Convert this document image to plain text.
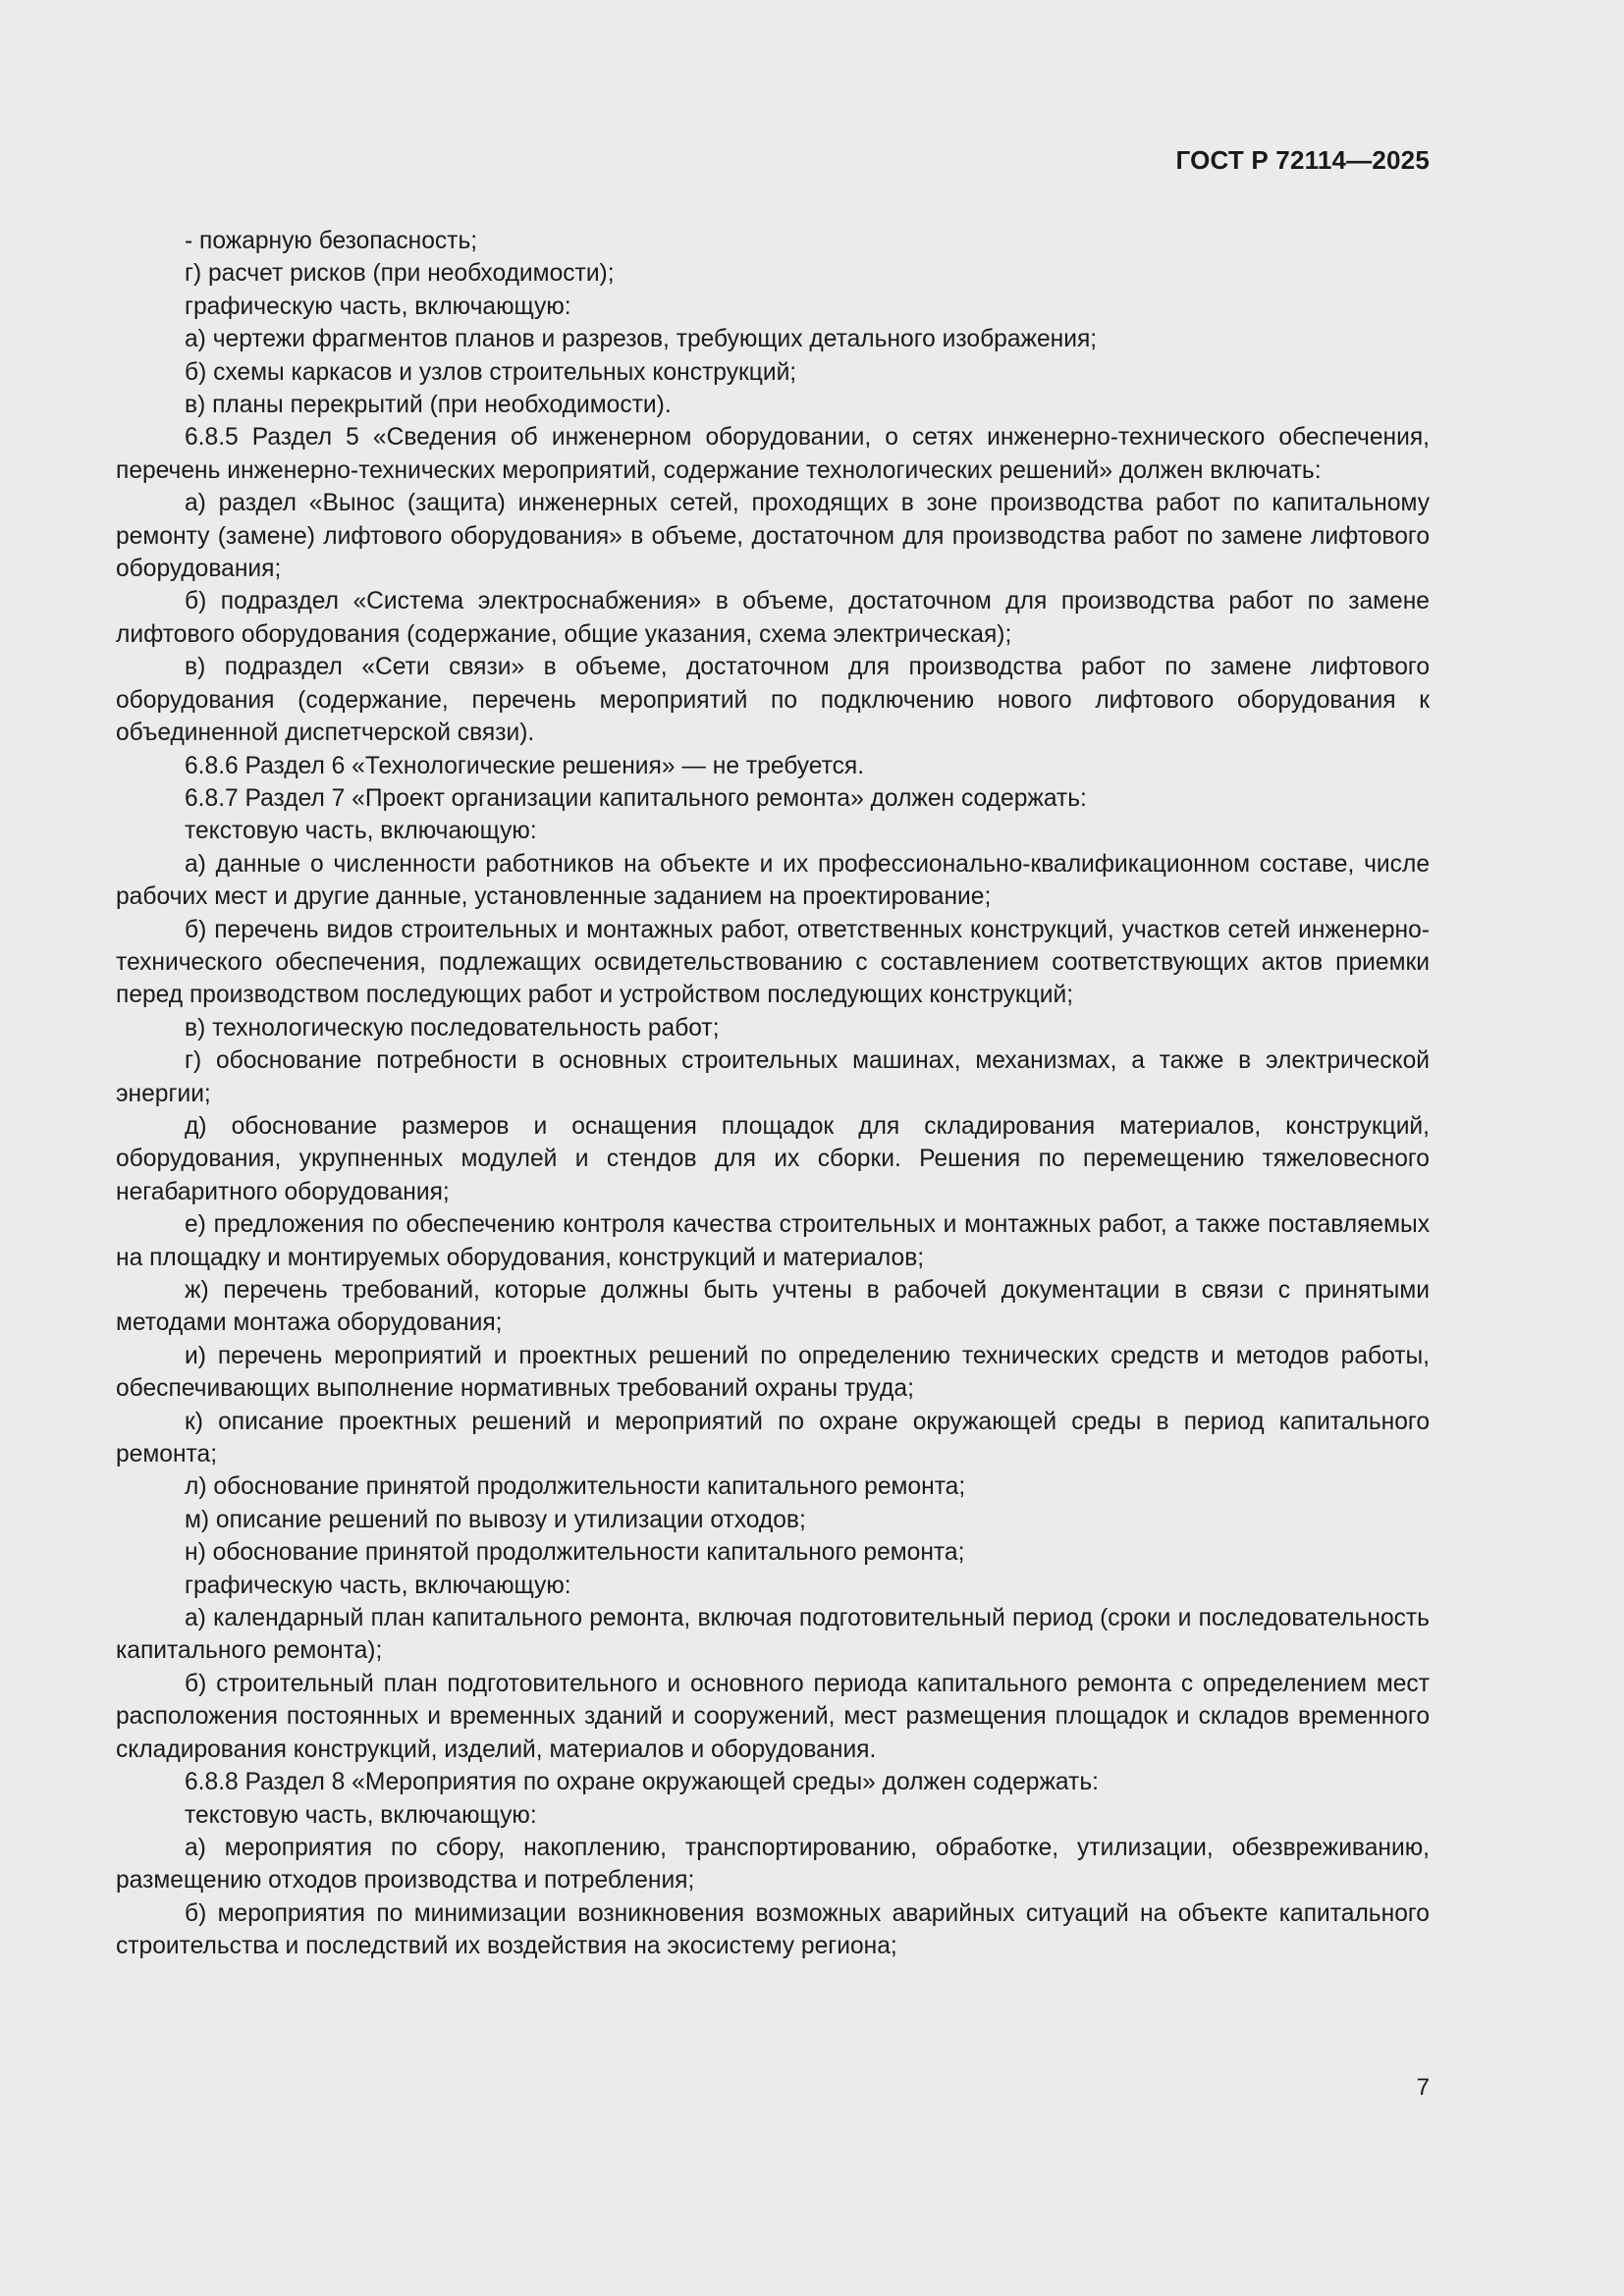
ГОСТ Р 72114—2025

- пожарную безопасность;

г) расчет рисков (при необходимости);

графическую часть, включающую:

а) чертежи фрагментов планов и разрезов, требующих детального изображения;

б) схемы каркасов и узлов строительных конструкций;

в) планы перекрытий (при необходимости).

6.8.5 Раздел 5 «Сведения об инженерном оборудовании, о сетях инженерно-технического обеспечения, перечень инженерно-технических мероприятий, содержание технологических решений» должен включать:

а) раздел «Вынос (защита) инженерных сетей, проходящих в зоне производства работ по капитальному ремонту (замене) лифтового оборудования» в объеме, достаточном для производства работ по замене лифтового оборудования;

б) подраздел «Система электроснабжения» в объеме, достаточном для производства работ по замене лифтового оборудования (содержание, общие указания, схема электрическая);

в) подраздел «Сети связи» в объеме, достаточном для производства работ по замене лифтового оборудования (содержание, перечень мероприятий по подключению нового лифтового оборудования к объединенной диспетчерской связи).

6.8.6 Раздел 6 «Технологические решения» — не требуется.

6.8.7 Раздел 7 «Проект организации капитального ремонта» должен содержать:

текстовую часть, включающую:

а) данные о численности работников на объекте и их профессионально-квалификационном составе, числе рабочих мест и другие данные, установленные заданием на проектирование;

б) перечень видов строительных и монтажных работ, ответственных конструкций, участков сетей инженерно-технического обеспечения, подлежащих освидетельствованию с составлением соответствующих актов приемки перед производством последующих работ и устройством последующих конструкций;

в) технологическую последовательность работ;

г) обоснование потребности в основных строительных машинах, механизмах, а также в электрической энергии;

д) обоснование размеров и оснащения площадок для складирования материалов, конструкций, оборудования, укрупненных модулей и стендов для их сборки. Решения по перемещению тяжеловесного негабаритного оборудования;

е) предложения по обеспечению контроля качества строительных и монтажных работ, а также поставляемых на площадку и монтируемых оборудования, конструкций и материалов;

ж) перечень требований, которые должны быть учтены в рабочей документации в связи с принятыми методами монтажа оборудования;

и) перечень мероприятий и проектных решений по определению технических средств и методов работы, обеспечивающих выполнение нормативных требований охраны труда;

к) описание проектных решений и мероприятий по охране окружающей среды в период капитального ремонта;

л) обоснование принятой продолжительности капитального ремонта;

м) описание решений по вывозу и утилизации отходов;

н) обоснование принятой продолжительности капитального ремонта;

графическую часть, включающую:

а) календарный план капитального ремонта, включая подготовительный период (сроки и последовательность капитального ремонта);

б) строительный план подготовительного и основного периода капитального ремонта с определением мест расположения постоянных и временных зданий и сооружений, мест размещения площадок и складов временного складирования конструкций, изделий, материалов и оборудования.

6.8.8 Раздел 8 «Мероприятия по охране окружающей среды» должен содержать:

текстовую часть, включающую:

а) мероприятия по сбору, накоплению, транспортированию, обработке, утилизации, обезвреживанию, размещению отходов производства и потребления;

б) мероприятия по минимизации возникновения возможных аварийных ситуаций на объекте капитального строительства и последствий их воздействия на экосистему региона;

7
